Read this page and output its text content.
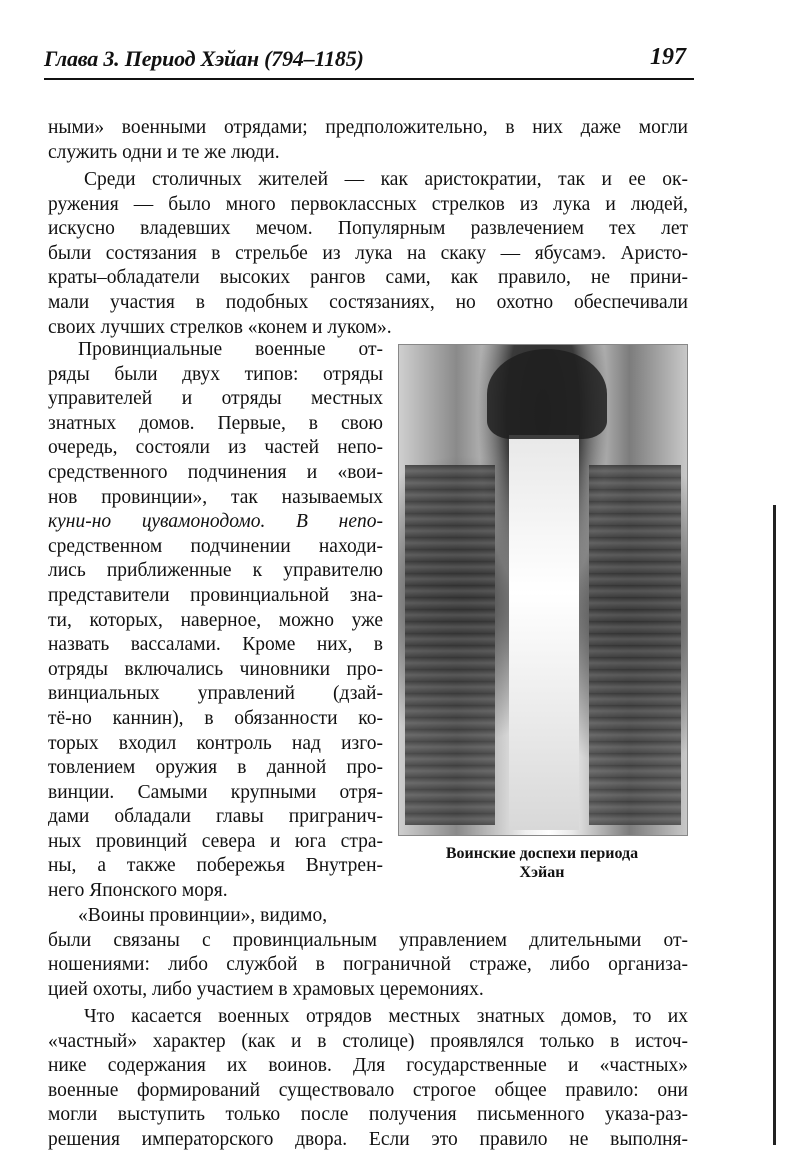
Глава 3. Период Хэйан (794–1185)	197
ными» военными отрядами; предположительно, в них даже могли
служить одни и те же люди.
Среди столичных жителей — как аристократии, так и ее ок-
ружения — было много первоклассных стрелков из лука и людей,
искусно владевших мечом. Популярным развлечением тех лет
были состязания в стрельбе из лука на скаку — ябусамэ. Аристо-
краты–обладатели высоких рангов сами, как правило, не прини-
мали участия в подобных состязаниях, но охотно обеспечивали
своих лучших стрелков «конем и луком».
Провинциальные военные от-
ряды были двух типов: отряды
управителей и отряды местных
знатных домов. Первые, в свою
очередь, состояли из частей непо-
средственного подчинения и «вои-
нов провинции», так называемых
куни-но цувамонодомо. В непо-
средственном подчинении находи-
лись приближенные к управителю
представители провинциальной зна-
ти, которых, наверное, можно уже
назвать вассалами. Кроме них, в
отряды включались чиновники про-
винциальных управлений (дзай-
тё-но каннин), в обязанности ко-
торых входил контроль над изго-
товлением оружия в данной про-
винции. Самыми крупными отря-
дами обладали главы пригранич-
ных провинций севера и юга стра-
ны, а также побережья Внутрен-
него Японского моря.
Воинские доспехи периода
Хэйан
«Воины провинции», видимо,
были связаны с провинциальным управлением длительными от-
ношениями: либо службой в пограничной страже, либо организа-
цией охоты, либо участием в храмовых церемониях.
Что касается военных отрядов местных знатных домов, то их
«частный» характер (как и в столице) проявлялся только в источ-
нике содержания их воинов. Для государственные и «частных»
военные формирований существовало строгое общее правило: они
могли выступить только после получения письменного указа-раз-
решения императорского двора. Если это правило не выполня-
